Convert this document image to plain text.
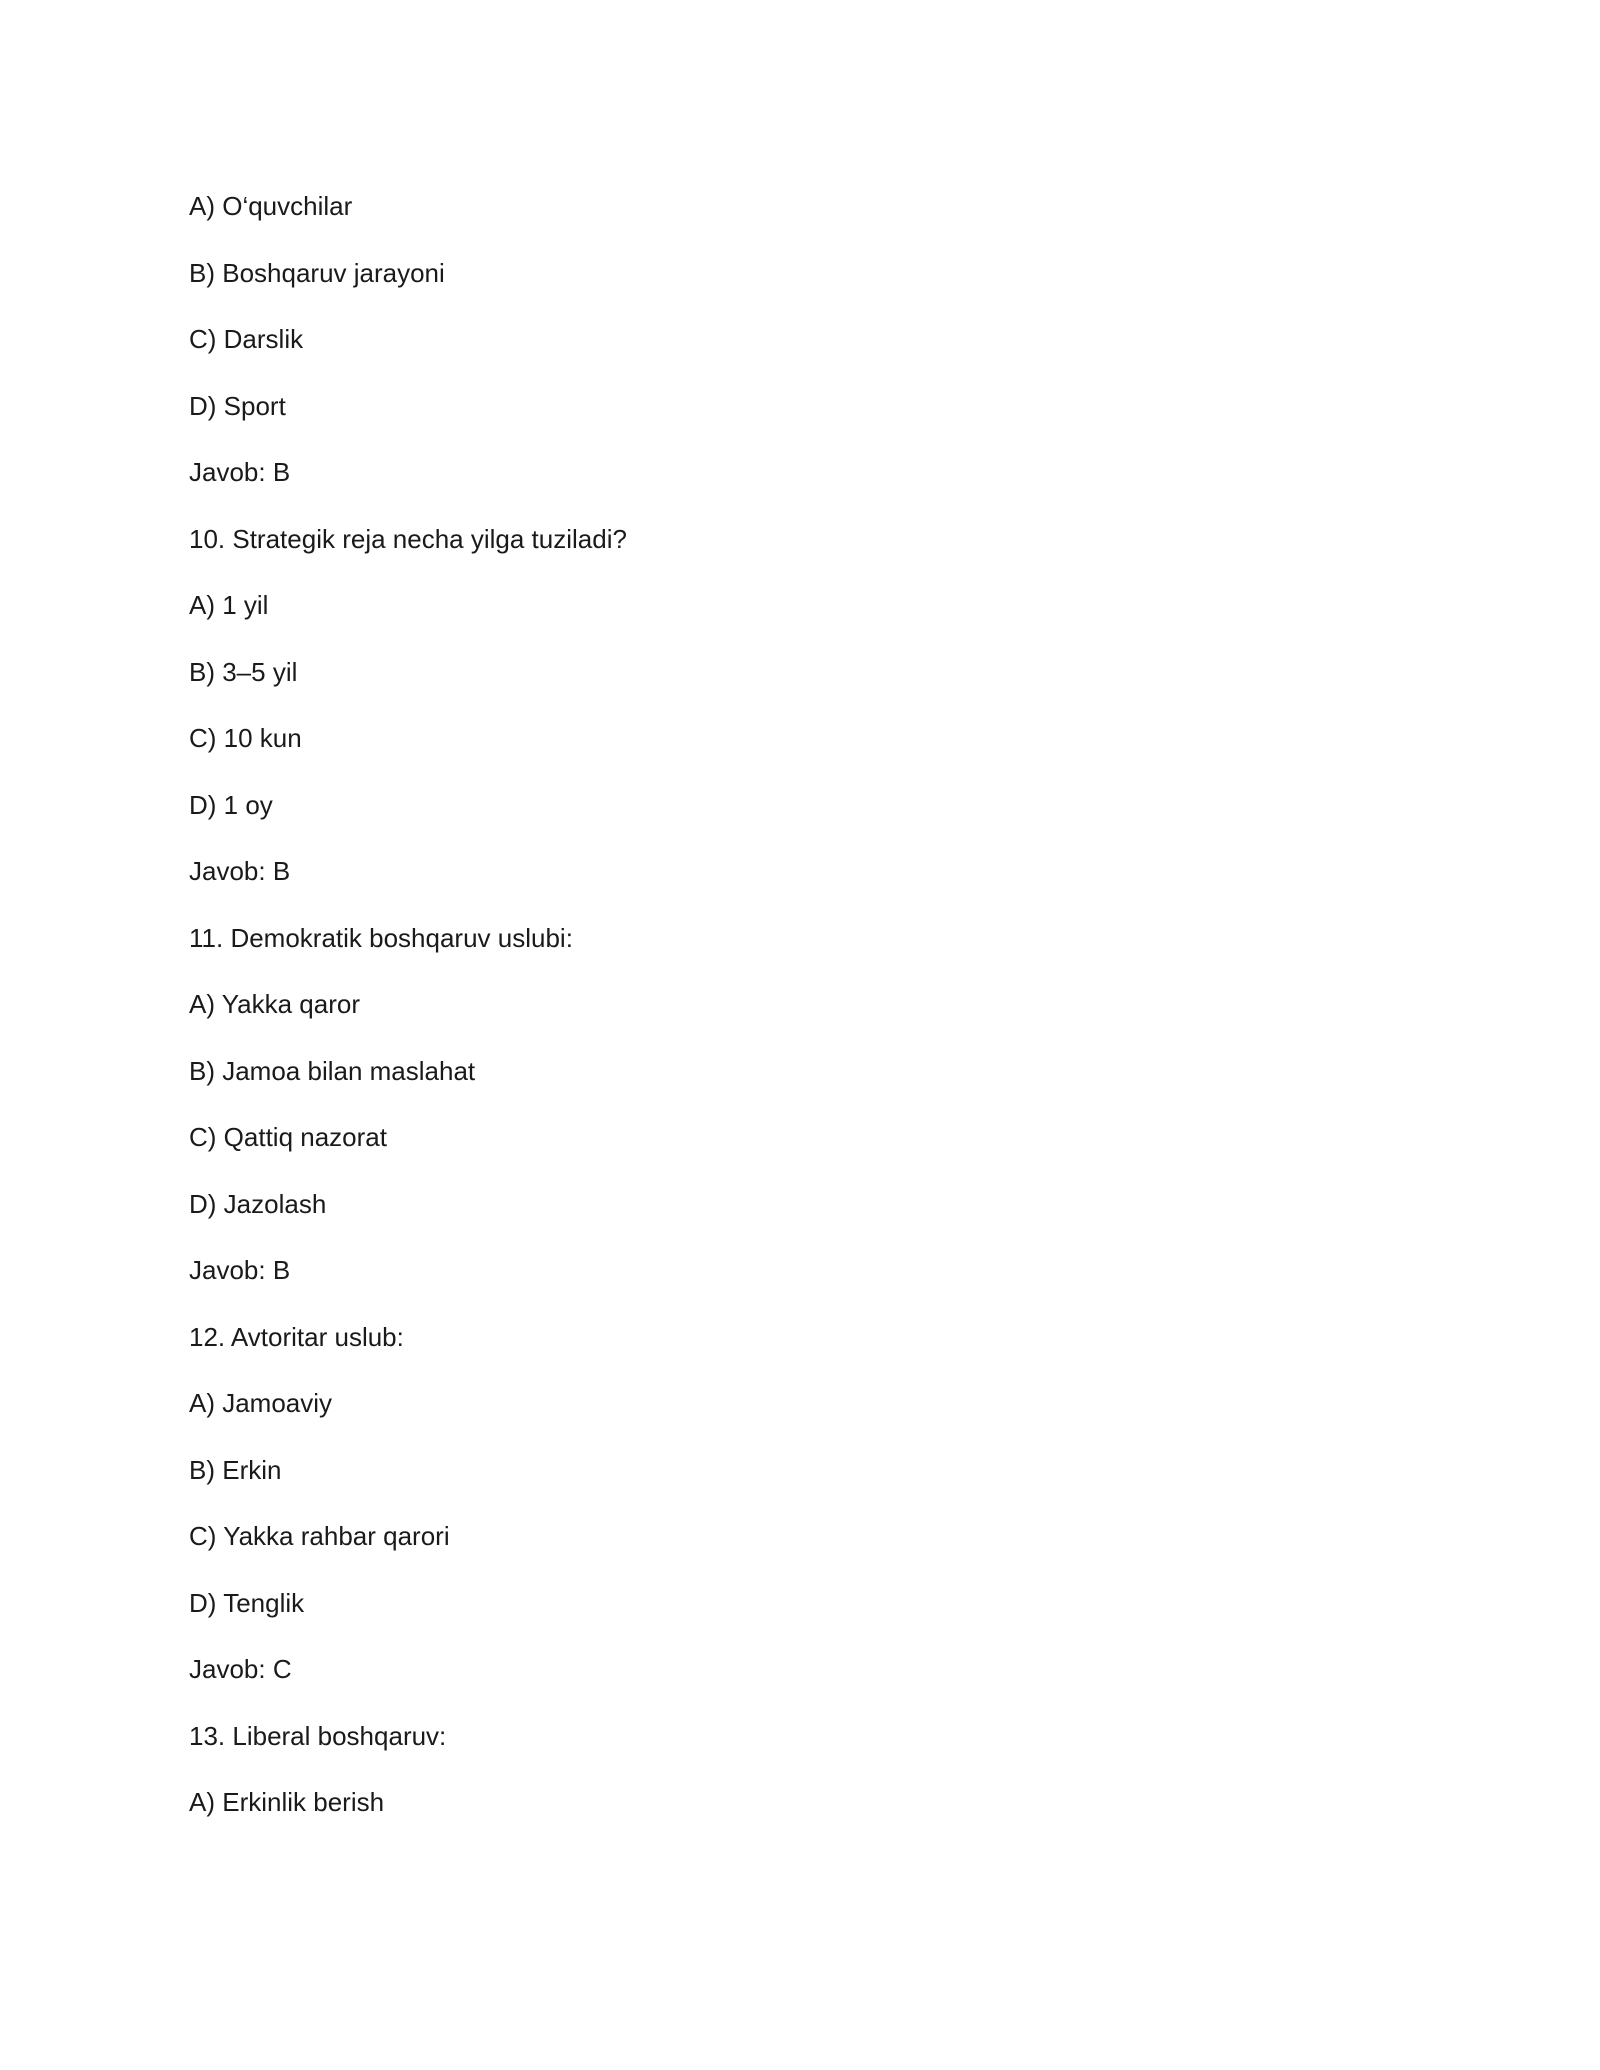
A) O‘quvchilar
B) Boshqaruv jarayoni
C) Darslik
D) Sport
Javob: B
10. Strategik reja necha yilga tuziladi?
A) 1 yil
B) 3–5 yil
C) 10 kun
D) 1 oy
Javob: B
11. Demokratik boshqaruv uslubi:
A) Yakka qaror
B) Jamoa bilan maslahat
C) Qattiq nazorat
D) Jazolash
Javob: B
12. Avtoritar uslub:
A) Jamoaviy
B) Erkin
C) Yakka rahbar qarori
D) Tenglik
Javob: C
13. Liberal boshqaruv:
A) Erkinlik berish
